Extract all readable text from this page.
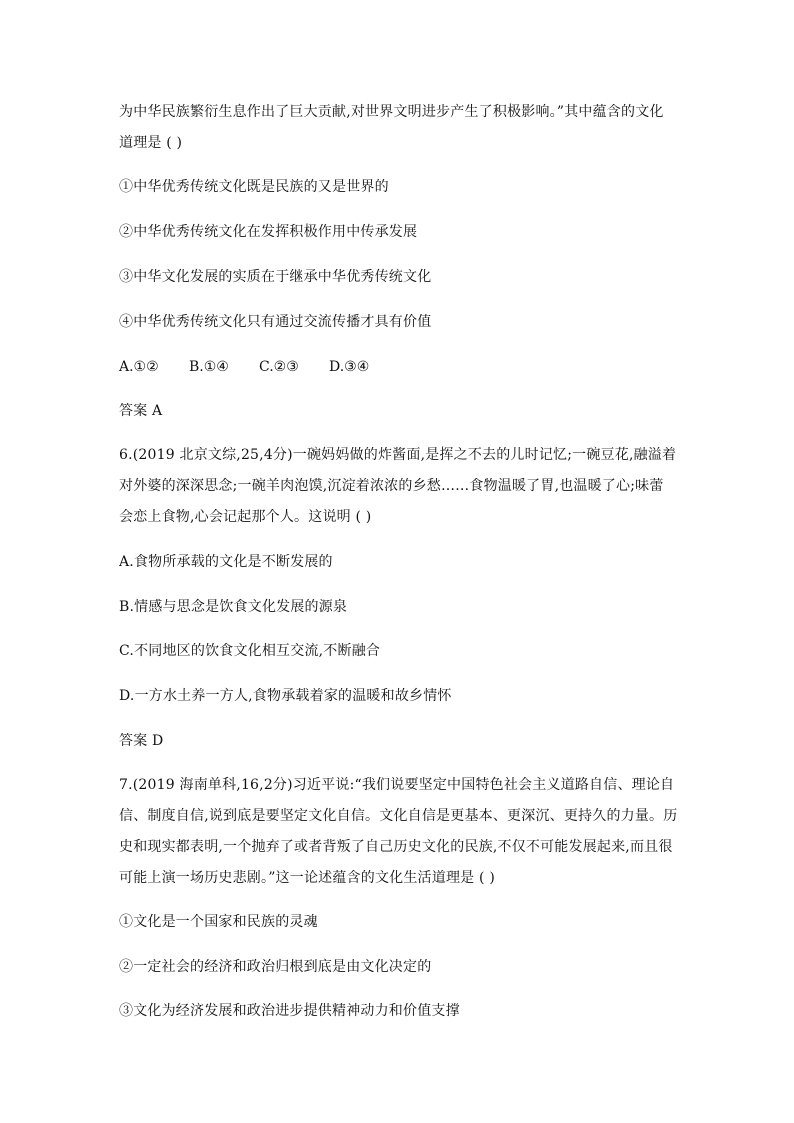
为中华民族繁衍生息作出了巨大贡献,对世界文明进步产生了积极影响。”其中蕴含的文化
道理是 ( )
①中华优秀传统文化既是民族的又是世界的
②中华优秀传统文化在发挥积极作用中传承发展
③中华文化发展的实质在于继承中华优秀传统文化
④中华优秀传统文化只有通过交流传播才具有价值
A.①② B.①④ C.②③ D.③④
答案 A
6.(2019 北京文综,25,4分)一碗妈妈做的炸酱面,是挥之不去的儿时记忆;一碗豆花,融溢着
对外婆的深深思念;一碗羊肉泡馍,沉淀着浓浓的乡愁……食物温暖了胃,也温暖了心;味蕾
会恋上食物,心会记起那个人。这说明 ( )
A.食物所承载的文化是不断发展的
B.情感与思念是饮食文化发展的源泉
C.不同地区的饮食文化相互交流,不断融合
D.一方水土养一方人,食物承载着家的温暖和故乡情怀
答案 D
7.(2019 海南单科,16,2分)习近平说:“我们说要坚定中国特色社会主义道路自信、理论自
信、制度自信,说到底是要坚定文化自信。文化自信是更基本、更深沉、更持久的力量。历
史和现实都表明,一个抛弃了或者背叛了自己历史文化的民族,不仅不可能发展起来,而且很
可能上演一场历史悲剧。”这一论述蕴含的文化生活道理是 ( )
①文化是一个国家和民族的灵魂
②一定社会的经济和政治归根到底是由文化决定的
③文化为经济发展和政治进步提供精神动力和价值支撑
